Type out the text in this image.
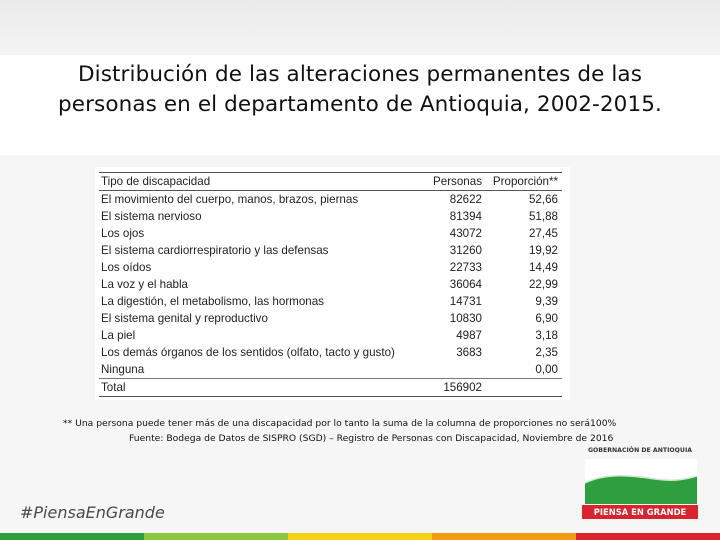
Distribución de las alteraciones permanentes de las
personas en el departamento de Antioquia, 2002-2015.
Tipo de discapacidad	Personas	Proporción**
El movimiento del cuerpo, manos, brazos, piernas	82622	52,66
El sistema nervioso	81394	51,88
Los ojos	43072	27,45
El sistema cardiorrespiratorio y las defensas	31260	19,92
Los oídos	22733	14,49
La voz y el habla	36064	22,99
La digestión, el metabolismo, las hormonas	14731	9,39
El sistema genital y reproductivo	10830	6,90
La piel	4987	3,18
Los demás órganos de los sentidos (olfato, tacto y gusto)	3683	2,35
Ninguna		0,00
Total	156902	
** Una persona puede tener más de una discapacidad por lo tanto la suma de la columna de proporciones no será100%
Fuente: Bodega de Datos de SISPRO (SGD) – Registro de Personas con Discapacidad, Noviembre de 2016
#PiensaEnGrande
GOBERNACIÓN DE ANTIOQUIA
PIENSA EN GRANDE
